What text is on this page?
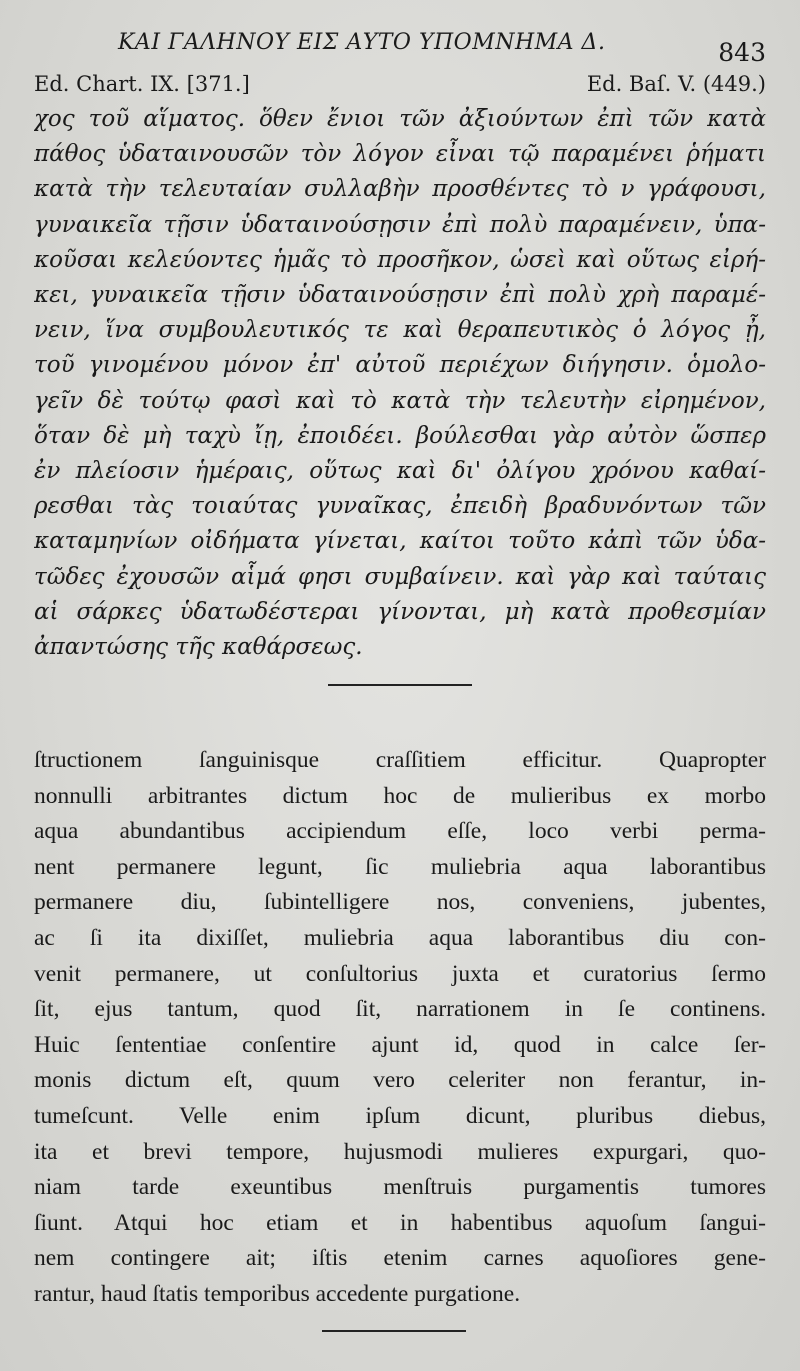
ΚΑΙ ΓΑΛΗΝΟΥ ΕΙΣ ΑΥΤΟ ΥΠΟΜΝΗΜΑ Δ.	843
Ed. Chart. IX. [371.]	Ed. Baſ. V. (449.)
χος τοῦ αἵματος. ὅθεν ἔνιοι τῶν ἀξιούντων ἐπὶ τῶν κατὰ
πάθος ὑδαταινουσῶν τὸν λόγον εἶναι τῷ παραμένει ῥήματι
κατὰ τὴν τελευταίαν συλλαβὴν προσθέντες τὸ ν γράφουσι,
γυναικεῖα τῇσιν ὑδαταινούσῃσιν ἐπὶ πολὺ παραμένειν, ὑπα-
κοῦσαι κελεύοντες ἡμᾶς τὸ προσῆκον, ὡσεὶ καὶ οὕτως εἰρή-
κει, γυναικεῖα τῇσιν ὑδαταινούσῃσιν ἐπὶ πολὺ χρὴ παραμέ-
νειν, ἵνα συμβουλευτικός τε καὶ θεραπευτικὸς ὁ λόγος ᾖ,
τοῦ γινομένου μόνον ἐπ' αὐτοῦ περιέχων διήγησιν. ὁμολο-
γεῖν δὲ τούτῳ φασὶ καὶ τὸ κατὰ τὴν τελευτὴν εἰρημένον,
ὅταν δὲ μὴ ταχὺ ἴῃ, ἐποιδέει. βούλεσθαι γὰρ αὐτὸν ὥσπερ
ἐν πλείοσιν ἡμέραις, οὕτως καὶ δι' ὀλίγου χρόνου καθαί-
ρεσθαι τὰς τοιαύτας γυναῖκας, ἐπειδὴ βραδυνόντων τῶν
καταμηνίων οἰδήματα γίνεται, καίτοι τοῦτο κἀπὶ τῶν ὑδα-
τῶδες ἐχουσῶν αἷμά φησι συμβαίνειν. καὶ γὰρ καὶ ταύταις
αἱ σάρκες ὑδατωδέστεραι γίνονται, μὴ κατὰ προθεσμίαν
ἀπαντώσης τῆς καθάρσεως.
ſtructionem ſanguinisque craſſitiem efficitur. Quapropter
nonnulli arbitrantes dictum hoc de mulieribus ex morbo
aqua abundantibus accipiendum eſſe, loco verbi perma-
nent permanere legunt, ſic muliebria aqua laborantibus
permanere diu, ſubintelligere nos, conveniens, jubentes,
ac ſi ita dixiſſet, muliebria aqua laborantibus diu con-
venit permanere, ut conſultorius juxta et curatorius ſermo
ſit, ejus tantum, quod ſit, narrationem in ſe continens.
Huic ſententiae conſentire ajunt id, quod in calce ſer-
monis dictum eſt, quum vero celeriter non ferantur, in-
tumeſcunt. Velle enim ipſum dicunt, pluribus diebus,
ita et brevi tempore, hujusmodi mulieres expurgari, quo-
niam tarde exeuntibus menſtruis purgamentis tumores
ſiunt. Atqui hoc etiam et in habentibus aquoſum ſangui-
nem contingere ait; iſtis etenim carnes aquoſiores gene-
rantur, haud ſtatis temporibus accedente purgatione.
